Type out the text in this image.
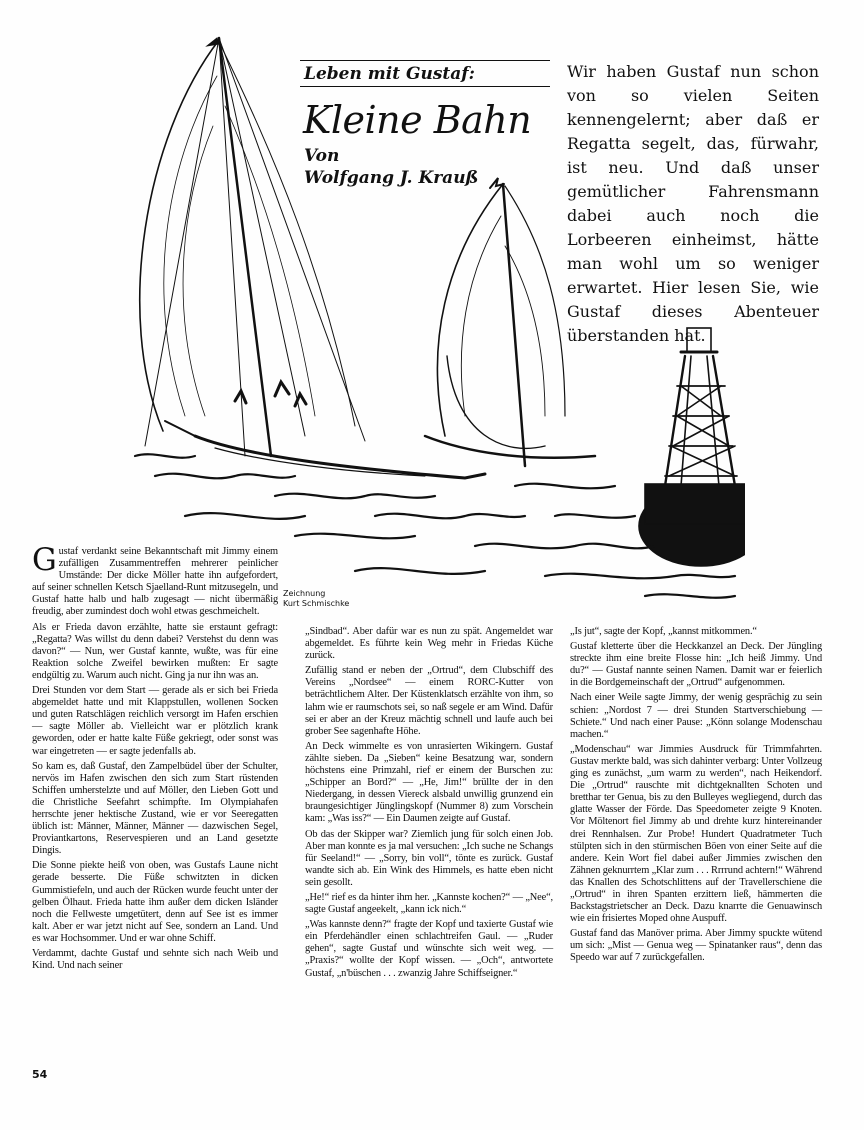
Leben mit Gustaf:
Kleine Bahn
Von
Wolfgang J. Krauß
Wir haben Gustaf nun schon von so vielen Seiten kennengelernt; aber daß er Regatta segelt, das, fürwahr, ist neu. Und daß unser gemütlicher Fahrensmann dabei auch noch die Lorbeeren einheimst, hätte man wohl um so weniger erwartet. Hier lesen Sie, wie Gustaf dieses Abenteuer überstanden hat.
Zeichnung
Kurt Schmischke

Gustaf verdankt seine Bekanntschaft mit Jimmy einem zufälligen Zusammentreffen mehrerer peinlicher Umstände: Der dicke Möller hatte ihn aufgefordert, auf seiner schnellen Ketsch Sjaelland-Runt mitzusegeln, und Gustaf hatte halb und halb zugesagt — nicht übermäßig freudig, aber zumindest doch wohl etwas geschmeichelt.

Als er Frieda davon erzählte, hatte sie erstaunt gefragt: „Regatta? Was willst du denn dabei? Verstehst du denn was davon?“ — Nun, wer Gustaf kannte, wußte, was für eine Reaktion solche Zweifel bewirken mußten: Er sagte endgültig zu. Warum auch nicht. Ging ja nur ihn was an.

Drei Stunden vor dem Start — gerade als er sich bei Frieda abgemeldet hatte und mit Klappstullen, wollenen Socken und guten Ratschlägen reichlich versorgt im Hafen erschien — sagte Möller ab. Vielleicht war er plötzlich krank geworden, oder er hatte kalte Füße gekriegt, oder sonst was war eingetreten — er sagte jedenfalls ab.

So kam es, daß Gustaf, den Zampelbüdel über der Schulter, nervös im Hafen zwischen den sich zum Start rüstenden Schiffen umherstelzte und auf Möller, den Lieben Gott und die Christliche Seefahrt schimpfte. Im Olympiahafen herrschte jener hektische Zustand, wie er vor Seeregatten üblich ist: Männer, Männer, Männer — dazwischen Segel, Proviantkartons, Reservespieren und an Land gesetzte Dingis.

Die Sonne piekte heiß von oben, was Gustafs Laune nicht gerade besserte. Die Füße schwitzten in dicken Gummistiefeln, und auch der Rücken wurde feucht unter der gelben Ölhaut. Frieda hatte ihm außer dem dicken Isländer noch die Fellweste umgetütert, denn auf See ist es immer kalt. Aber er war jetzt nicht auf See, sondern an Land. Und es war Hochsommer. Und er war ohne Schiff.

Verdammt, dachte Gustaf und sehnte sich nach Weib und Kind. Und nach seiner

„Sindbad“. Aber dafür war es nun zu spät. Angemeldet war abgemeldet. Es führte kein Weg mehr in Friedas Küche zurück.

Zufällig stand er neben der „Ortrud“, dem Clubschiff des Vereins „Nordsee“ — einem RORC-Kutter von beträchtlichem Alter. Der Küstenklatsch erzählte von ihm, so lahm wie er raumschots sei, so naß segele er am Wind. Dafür sei er aber an der Kreuz mächtig schnell und laufe auch bei grober See sagenhafte Höhe.

An Deck wimmelte es von unrasierten Wikingern. Gustaf zählte sieben. Da „Sieben“ keine Besatzung war, sondern höchstens eine Primzahl, rief er einem der Burschen zu: „Schipper an Bord?“ — „He, Jim!“ brüllte der in den Niedergang, in dessen Viereck alsbald unwillig grunzend ein braungesichtiger Jünglingskopf (Nummer 8) zum Vorschein kam: „Was iss?“ — Ein Daumen zeigte auf Gustaf.

Ob das der Skipper war? Ziemlich jung für solch einen Job. Aber man konnte es ja mal versuchen: „Ich suche ne Schangs für Seeland!“ — „Sorry, bin voll“, tönte es zurück. Gustaf wandte sich ab. Ein Wink des Himmels, es hatte eben nicht sein gesollt.

„He!“ rief es da hinter ihm her. „Kannste kochen?“ — „Nee“, sagte Gustaf angeekelt, „kann ick nich.“

„Was kannste denn?“ fragte der Kopf und taxierte Gustaf wie ein Pferdehändler einen schlachtreifen Gaul. — „Ruder gehen“, sagte Gustaf und wünschte sich weit weg. — „Praxis?“ wollte der Kopf wissen. — „Och“, antwortete Gustaf, „n'büschen . . . zwanzig Jahre Schiffseigner.“

„Is jut“, sagte der Kopf, „kannst mitkommen.“

Gustaf kletterte über die Heckkanzel an Deck. Der Jüngling streckte ihm eine breite Flosse hin: „Ich heiß Jimmy. Und du?“ — Gustaf nannte seinen Namen. Damit war er feierlich in die Bordgemeinschaft der „Ortrud“ aufgenommen.

Nach einer Weile sagte Jimmy, der wenig gesprächig zu sein schien: „Nordost 7 — drei Stunden Startverschiebung — Schiete.“ Und nach einer Pause: „Könn solange Modenschau machen.“

„Modenschau“ war Jimmies Ausdruck für Trimmfahrten. Gustav merkte bald, was sich dahinter verbarg: Unter Vollzeug ging es zunächst, „um warm zu werden“, nach Heikendorf. Die „Ortrud“ rauschte mit dichtgeknallten Schoten und bretthar ter Genua, bis zu den Bulleyes wegliegend, durch das glatte Wasser der Förde. Das Speedometer zeigte 9 Knoten. Vor Möltenort fiel Jimmy ab und drehte kurz hintereinander drei Rennhalsen. Zur Probe! Hundert Quadratmeter Tuch stülpten sich in den stürmischen Böen von einer Seite auf die andere. Kein Wort fiel dabei außer Jimmies zwischen den Zähnen geknurrtem „Klar zum . . . Rrrrund achtern!“ Während das Knallen des Schotschlittens auf der Travellerschiene die „Ortrud“ in ihren Spanten erzittern ließ, hämmerten die Backstagstrietscher an Deck. Dazu knarrte die Genuawinsch wie ein frisiertes Moped ohne Auspuff.

Gustaf fand das Manöver prima. Aber Jimmy spuckte wütend um sich: „Mist — Genua weg — Spinatanker raus“, denn das Speedo war auf 7 zurückgefallen.

54
